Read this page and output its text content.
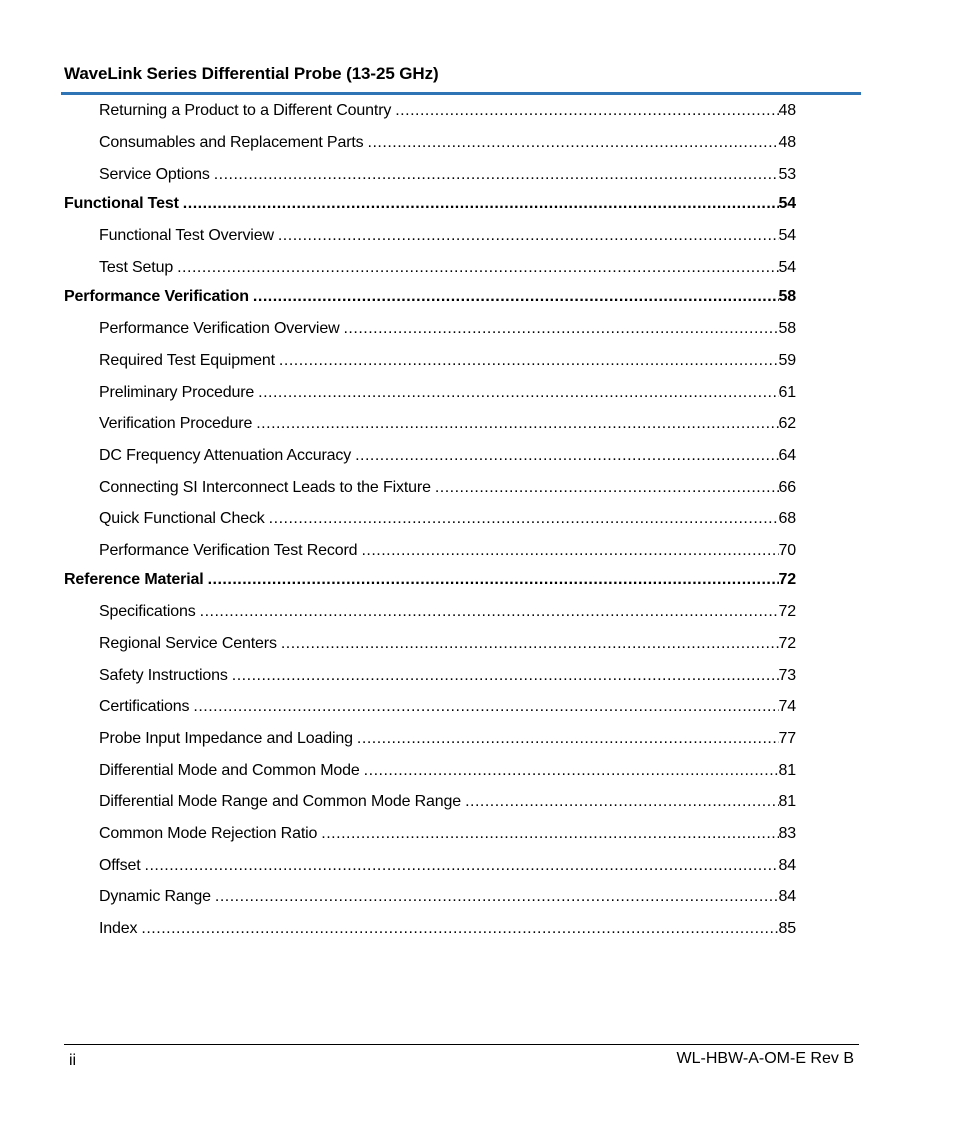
WaveLink Series Differential Probe (13-25 GHz)
Returning a Product to a Different Country .....	48
Consumables and Replacement Parts .....	48
Service Options .....	53
Functional Test .....	54
Functional Test Overview .....	54
Test Setup .....	54
Performance Verification .....	58
Performance Verification Overview .....	58
Required Test Equipment .....	59
Preliminary Procedure .....	61
Verification Procedure .....	62
DC Frequency Attenuation Accuracy .....	64
Connecting SI Interconnect Leads to the Fixture .....	66
Quick Functional Check .....	68
Performance Verification Test Record .....	70
Reference Material .....	72
Specifications .....	72
Regional Service Centers .....	72
Safety Instructions .....	73
Certifications .....	74
Probe Input Impedance and Loading .....	77
Differential Mode and Common Mode .....	81
Differential Mode Range and Common Mode Range .....	81
Common Mode Rejection Ratio .....	83
Offset .....	84
Dynamic Range .....	84
Index .....	85
ii	WL-HBW-A-OM-E Rev B
